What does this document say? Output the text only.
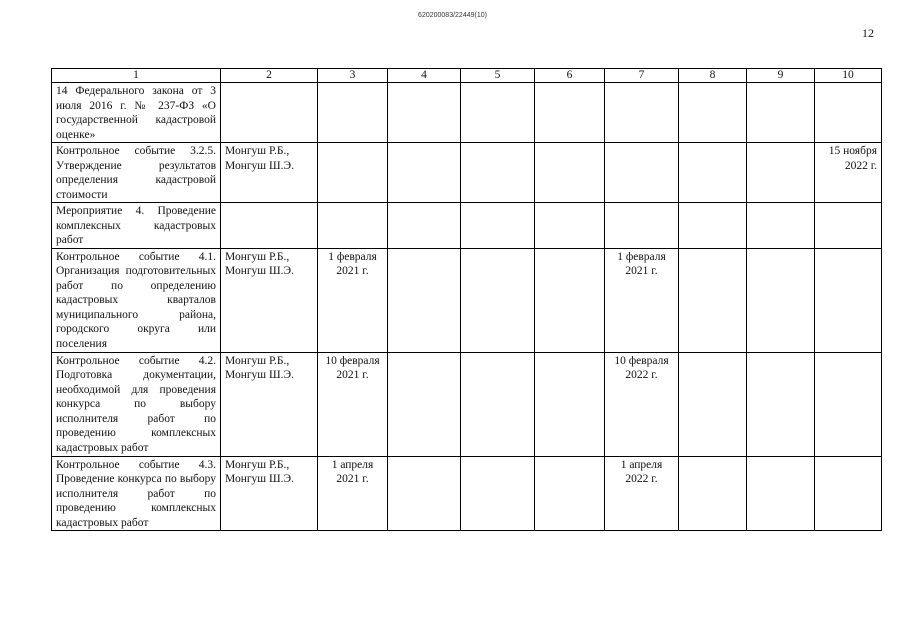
620200083/22449(10)
12
1	2	3	4	5	6	7	8	9	10
14 Федерального закона от 3 июля 2016 г. № 237-ФЗ «О государственной кадастровой оценке»									
Контрольное событие 3.2.5. Утверждение результатов определения кадастровой стоимости	Монгуш Р.Б., Монгуш Ш.Э.								15 ноября 2022 г.
Мероприятие 4. Проведение комплексных кадастровых работ									
Контрольное событие 4.1. Организация подготовительных работ по определению кадастровых кварталов муниципального района, городского округа или поселения	Монгуш Р.Б., Монгуш Ш.Э.	1 февраля 2021 г.				1 февраля 2021 г.			
Контрольное событие 4.2. Подготовка документации, необходимой для проведения конкурса по выбору исполнителя работ по проведению комплексных кадастровых работ	Монгуш Р.Б., Монгуш Ш.Э.	10 февраля 2021 г.				10 февраля 2022 г.			
Контрольное событие 4.3. Проведение конкурса по выбору исполнителя работ по проведению комплексных кадастровых работ	Монгуш Р.Б., Монгуш Ш.Э.	1 апреля 2021 г.				1 апреля 2022 г.			
